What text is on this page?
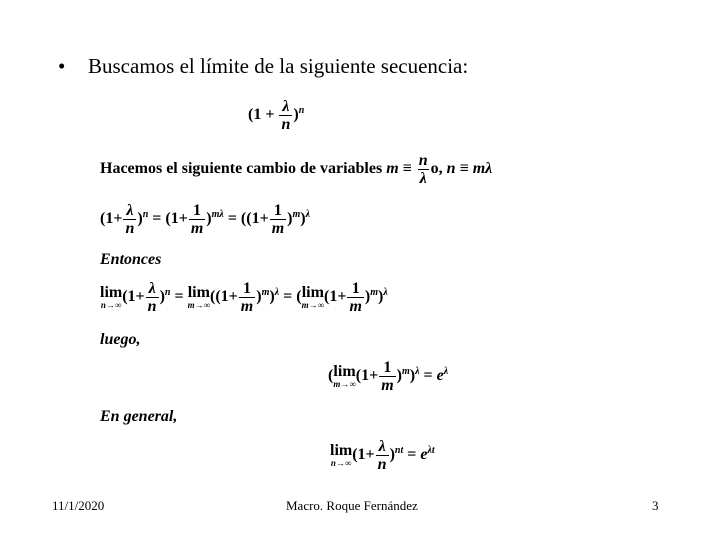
• Buscamos el límite de la siguiente secuencia:
$(1 + \frac{\lambda}{n} )^n$
Hacemos el siguiente cambio de variables $m \equiv \frac{n}{\lambda} o$, n ≡ mλ
$(1+ \frac{\lambda}{n} )^n = (1+ \frac{1}{m} )^{m\lambda} = ((1+ \frac{1}{m} )^m)^\lambda$
Entonces
lim
n→∞ $(1+ \frac{\lambda}{n} )^n = \lim$
m→∞ $((1+ \frac{1}{m} )^m)^\lambda$ = ( lim
m→∞ $(1+ \frac{1}{m} )^m)^\lambda$
luego,
( lim
m→∞ $(1+ \frac{1}{m} )^m)^\lambda = e^\lambda$
En general,
lim
n→∞ $(1+ \frac{\lambda}{n} )^{nt} = e^{\lambda t}$
11/1/2020	Macro. Roque Fernández	3
